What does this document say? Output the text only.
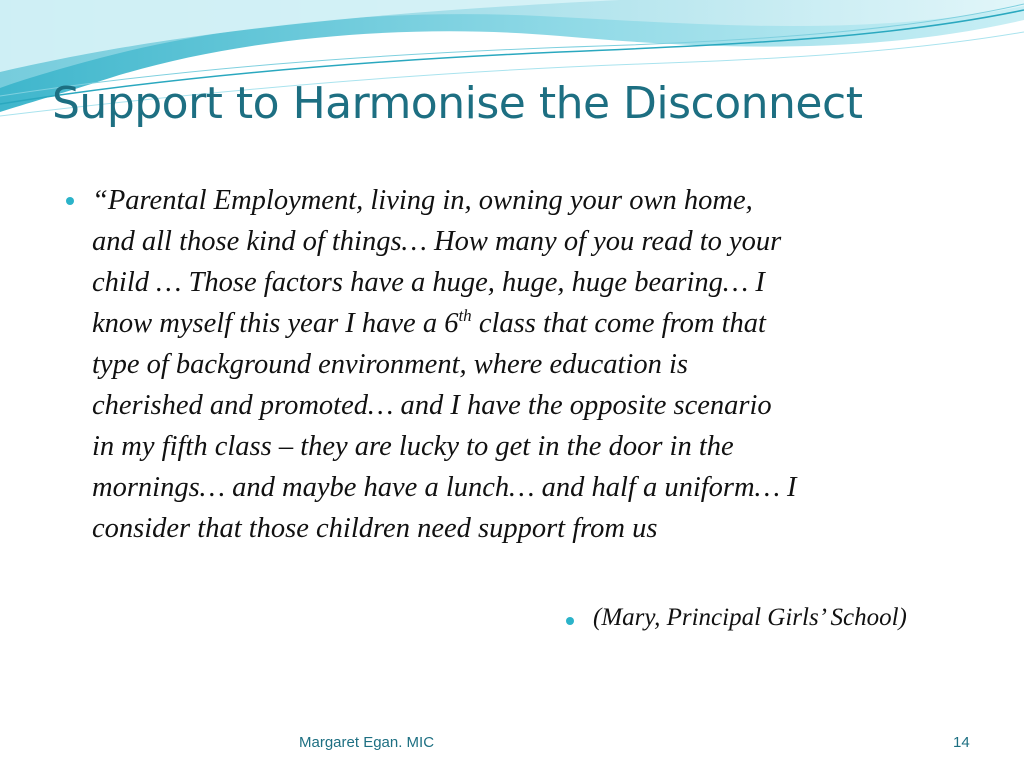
Support to Harmonise the Disconnect

“Parental Employment, living in, owning your own home,
and all those kind of things… How many of you read to your
child … Those factors have a huge, huge, huge bearing… I
know myself this year I have a 6th class that come from that
type of background environment, where education is
cherished and promoted… and I have the opposite scenario
in my fifth class – they are lucky to get in the door in the
mornings… and maybe have a lunch… and half a uniform… I
consider that those children need support from us

(Mary, Principal Girls’ School)

Margaret Egan. MIC	14
